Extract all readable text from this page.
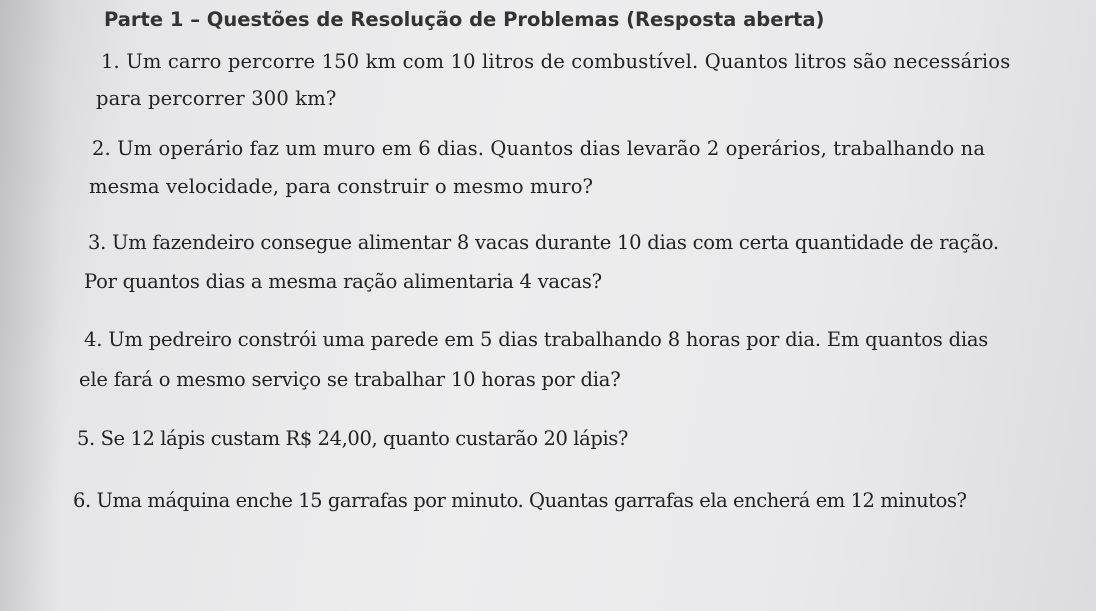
Parte 1 – Questões de Resolução de Problemas (Resposta aberta)
1. Um carro percorre 150 km com 10 litros de combustível. Quantos litros são necessários
para percorrer 300 km?
2. Um operário faz um muro em 6 dias. Quantos dias levarão 2 operários, trabalhando na
mesma velocidade, para construir o mesmo muro?
3. Um fazendeiro consegue alimentar 8 vacas durante 10 dias com certa quantidade de ração.
Por quantos dias a mesma ração alimentaria 4 vacas?
4. Um pedreiro constrói uma parede em 5 dias trabalhando 8 horas por dia. Em quantos dias
ele fará o mesmo serviço se trabalhar 10 horas por dia?
5. Se 12 lápis custam R$ 24,00, quanto custarão 20 lápis?
6. Uma máquina enche 15 garrafas por minuto. Quantas garrafas ela encherá em 12 minutos?
